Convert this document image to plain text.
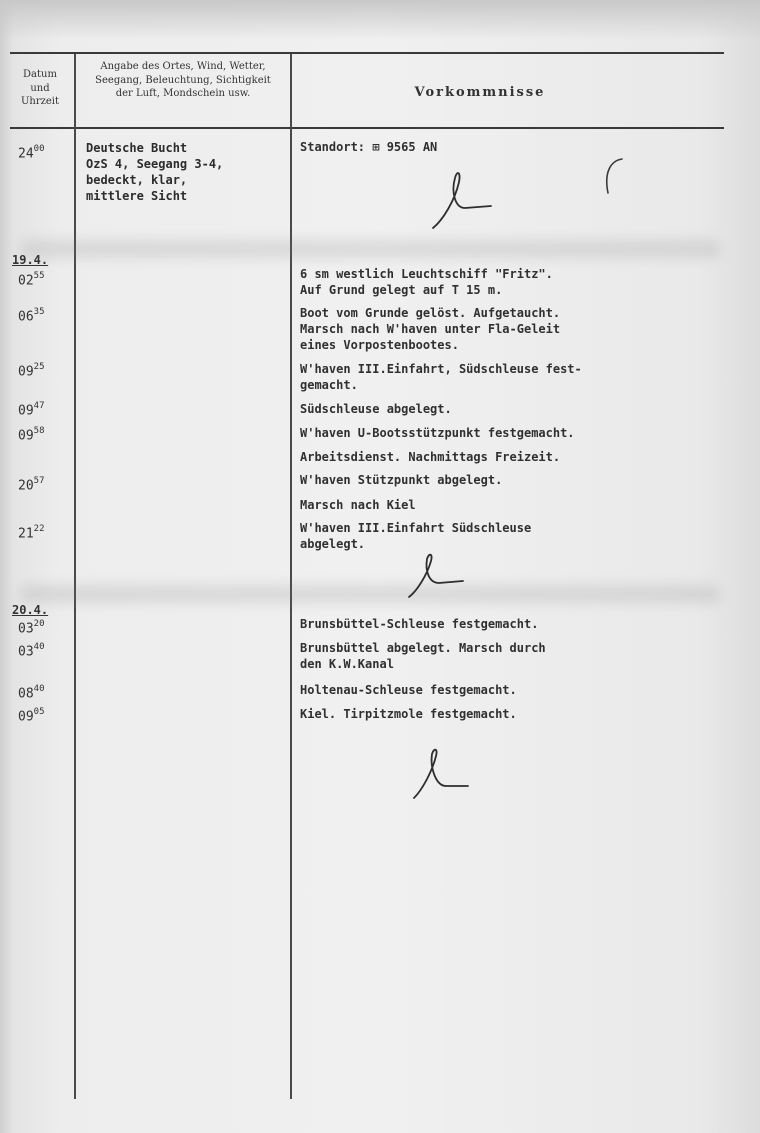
Datum
und
Uhrzeit
Angabe des Ortes, Wind, Wetter,
Seegang, Beleuchtung, Sichtigkeit
der Luft, Mondschein usw.	Vorkommnisse
$24^{00}$	Deutsche Bucht
OzS 4, Seegang 3-4,
bedeckt, klar,
mittlere Sicht
Standort: ⊞ 9565 AN
19.4.
20.4.
$02^{55}$
$06^{35}$
$09^{25}$
$09^{47}$
$09^{58}$
$20^{57}$
$21^{22}$
$03^{20}$
$03^{40}$
$08^{40}$
$09^{05}$
6 sm westlich Leuchtschiff "Fritz".
Auf Grund gelegt auf T 15 m.
Boot vom Grunde gelöst. Aufgetaucht.
Marsch nach W'haven unter Fla-Geleit
eines Vorpostenbootes.
W'haven III.Einfahrt, Südschleuse fest-
gemacht.
Südschleuse abgelegt.
W'haven U-Bootsstützpunkt festgemacht.
Arbeitsdienst. Nachmittags Freizeit.
W'haven Stützpunkt abgelegt.
Marsch nach Kiel
W'haven III.Einfahrt Südschleuse
abgelegt.
Brunsbüttel-Schleuse festgemacht.
Brunsbüttel abgelegt. Marsch durch
den K.W.Kanal
Holtenau-Schleuse festgemacht.
Kiel. Tirpitzmole festgemacht.
